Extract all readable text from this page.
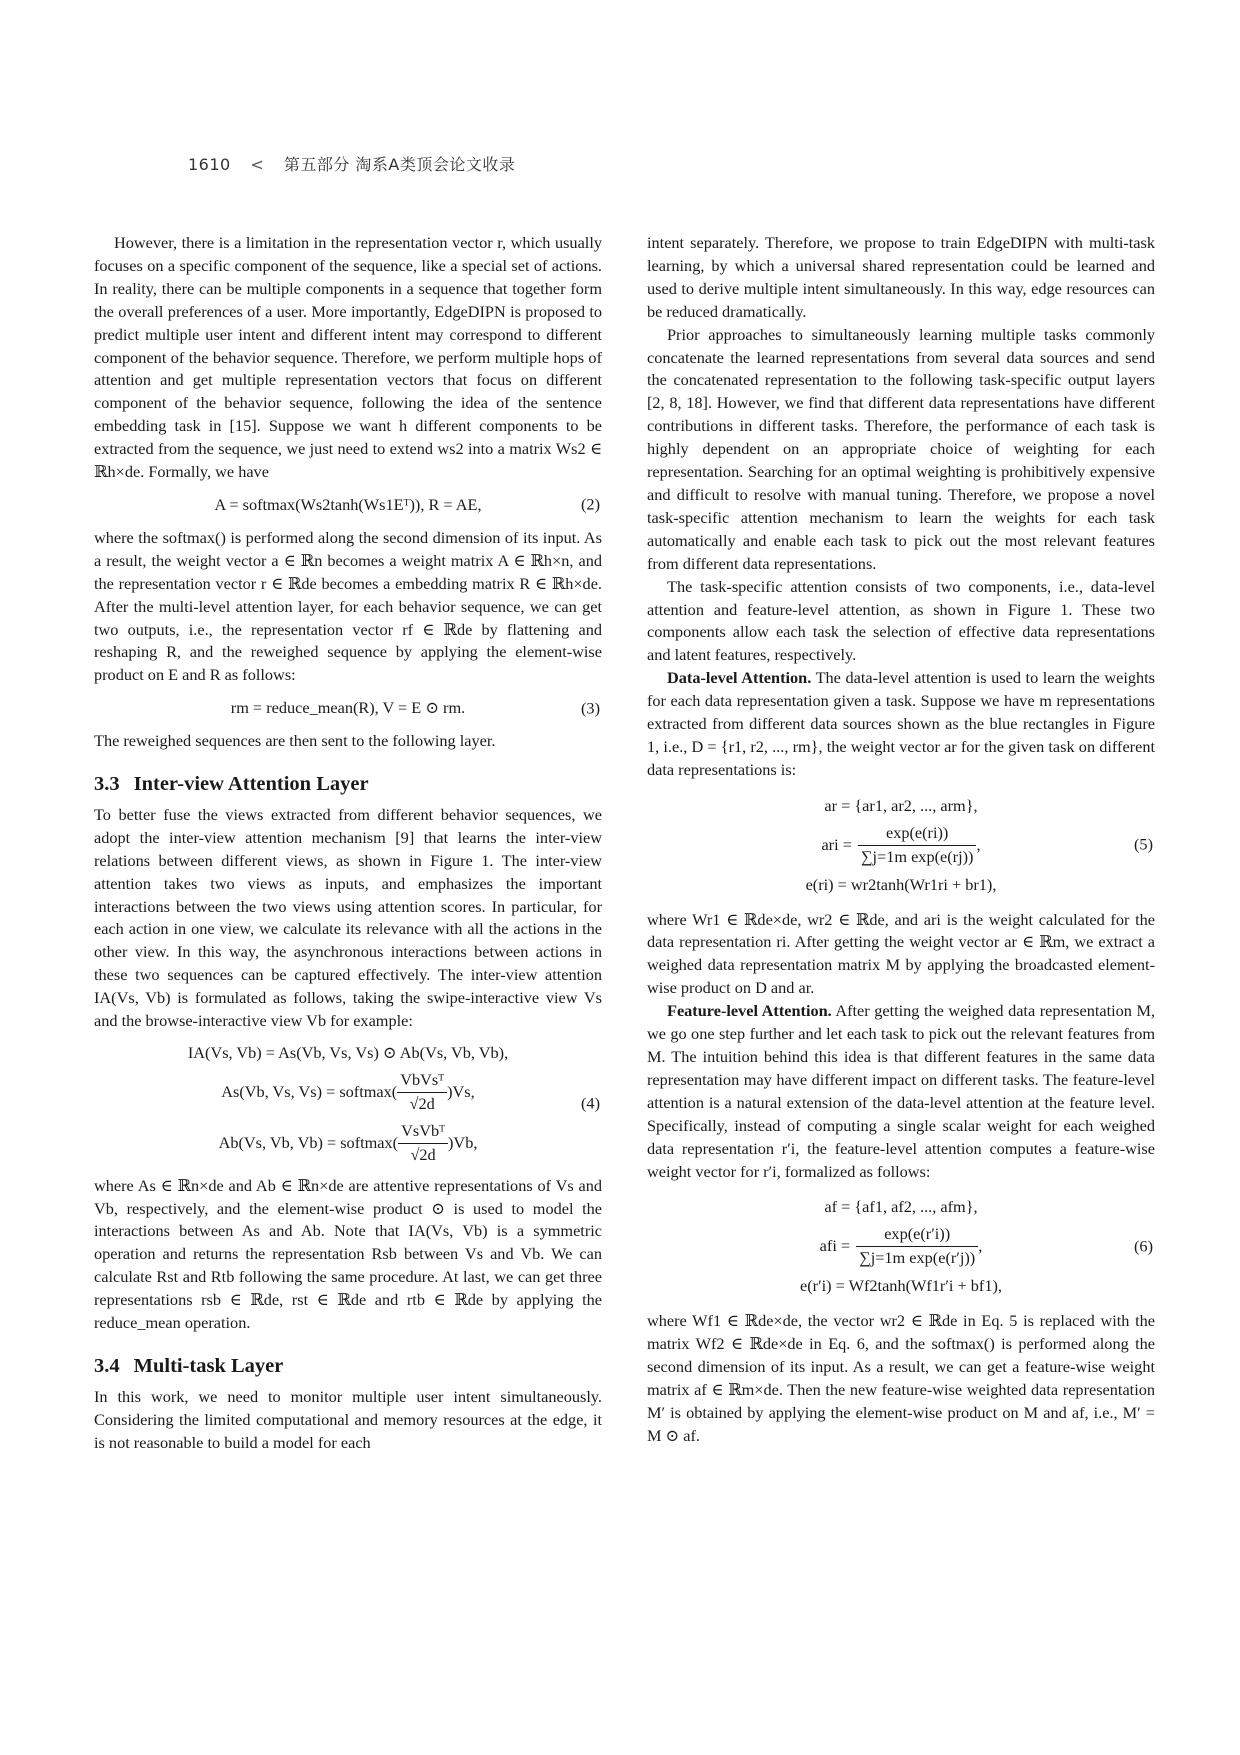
1610 < 第五部分 淘系A类顶会论文收录

However, there is a limitation in the representation vector r, which usually focuses on a specific component of the sequence, like a special set of actions. In reality, there can be multiple components in a sequence that together form the overall preferences of a user. More importantly, EdgeDIPN is proposed to predict multiple user intent and different intent may correspond to different component of the behavior sequence. Therefore, we perform multiple hops of attention and get multiple representation vectors that focus on different component of the behavior sequence, following the idea of the sentence embedding task in [15]. Suppose we want h different components to be extracted from the sequence, we just need to extend ws2 into a matrix Ws2 ∈ ℝh×de. Formally, we have

A = softmax(Ws2tanh(Ws1Eᵀ)), R = AE,	(2)

where the softmax() is performed along the second dimension of its input. As a result, the weight vector a ∈ ℝn becomes a weight matrix A ∈ ℝh×n, and the representation vector r ∈ ℝde becomes a embedding matrix R ∈ ℝh×de. After the multi-level attention layer, for each behavior sequence, we can get two outputs, i.e., the representation vector rf ∈ ℝde by flattening and reshaping R, and the reweighed sequence by applying the element-wise product on E and R as follows:

rm = reduce_mean(R), V = E ⊙ rm.	(3)

The reweighed sequences are then sent to the following layer.

3.3 Inter-view Attention Layer

To better fuse the views extracted from different behavior sequences, we adopt the inter-view attention mechanism [9] that learns the inter-view relations between different views, as shown in Figure 1. The inter-view attention takes two views as inputs, and emphasizes the important interactions between the two views using attention scores. In particular, for each action in one view, we calculate its relevance with all the actions in the other view. In this way, the asynchronous interactions between actions in these two sequences can be captured effectively. The inter-view attention IA(Vs, Vb) is formulated as follows, taking the swipe-interactive view Vs and the browse-interactive view Vb for example:

IA(Vs, Vb) = As(Vb, Vs, Vs) ⊙ Ab(Vs, Vb, Vb),
As(Vb, Vs, Vs) = softmax( $\frac{\text{VbVsᵀ}}{√2d} )Vs$,
Ab(Vs, Vb, Vb) = softmax( $\frac{\text{VsVbᵀ}}{√2d} )Vb$,
(4)

where As ∈ ℝn×de and Ab ∈ ℝn×de are attentive representations of Vs and Vb, respectively, and the element-wise product ⊙ is used to model the interactions between As and Ab. Note that IA(Vs, Vb) is a symmetric operation and returns the representation Rsb between Vs and Vb. We can calculate Rst and Rtb following the same procedure. At last, we can get three representations rsb ∈ ℝde, rst ∈ ℝde and rtb ∈ ℝde by applying the reduce_mean operation.

3.4 Multi-task Layer

In this work, we need to monitor multiple user intent simultaneously. Considering the limited computational and memory resources at the edge, it is not reasonable to build a model for each

intent separately. Therefore, we propose to train EdgeDIPN with multi-task learning, by which a universal shared representation could be learned and used to derive multiple intent simultaneously. In this way, edge resources can be reduced dramatically.

Prior approaches to simultaneously learning multiple tasks commonly concatenate the learned representations from several data sources and send the concatenated representation to the following task-specific output layers [2, 8, 18]. However, we find that different data representations have different contributions in different tasks. Therefore, the performance of each task is highly dependent on an appropriate choice of weighting for each representation. Searching for an optimal weighting is prohibitively expensive and difficult to resolve with manual tuning. Therefore, we propose a novel task-specific attention mechanism to learn the weights for each task automatically and enable each task to pick out the most relevant features from different data representations.

The task-specific attention consists of two components, i.e., data-level attention and feature-level attention, as shown in Figure 1. These two components allow each task the selection of effective data representations and latent features, respectively.

Data-level Attention. The data-level attention is used to learn the weights for each data representation given a task. Suppose we have m representations extracted from different data sources shown as the blue rectangles in Figure 1, i.e., D = {r1, r2, ..., rm}, the weight vector ar for the given task on different data representations is:

ar = {ar1, ar2, ..., arm},
ari = $\frac{\exp(e(ri))}{\text{∑j=1m exp(e(rj))}}$ ,
e(ri) = wr2tanh(Wr1ri + br1),
(5)

where Wr1 ∈ ℝde×de, wr2 ∈ ℝde, and ari is the weight calculated for the data representation ri. After getting the weight vector ar ∈ ℝm, we extract a weighed data representation matrix M by applying the broadcasted element-wise product on D and ar.

Feature-level Attention. After getting the weighed data representation M, we go one step further and let each task to pick out the relevant features from M. The intuition behind this idea is that different features in the same data representation may have different impact on different tasks. The feature-level attention is a natural extension of the data-level attention at the feature level. Specifically, instead of computing a single scalar weight for each weighed data representation r′i, the feature-level attention computes a feature-wise weight vector for r′i, formalized as follows:

af = {af1, af2, ..., afm},
afi = $\frac{\exp(e(r'i))}{\text{∑j=1m exp(e(r′j))}}$ ,
e(r′i) = Wf2tanh(Wf1r′i + bf1),
(6)

where Wf1 ∈ ℝde×de, the vector wr2 ∈ ℝde in Eq. 5 is replaced with the matrix Wf2 ∈ ℝde×de in Eq. 6, and the softmax() is performed along the second dimension of its input. As a result, we can get a feature-wise weight matrix af ∈ ℝm×de. Then the new feature-wise weighted data representation M′ is obtained by applying the element-wise product on M and af, i.e., M′ = M ⊙ af.
